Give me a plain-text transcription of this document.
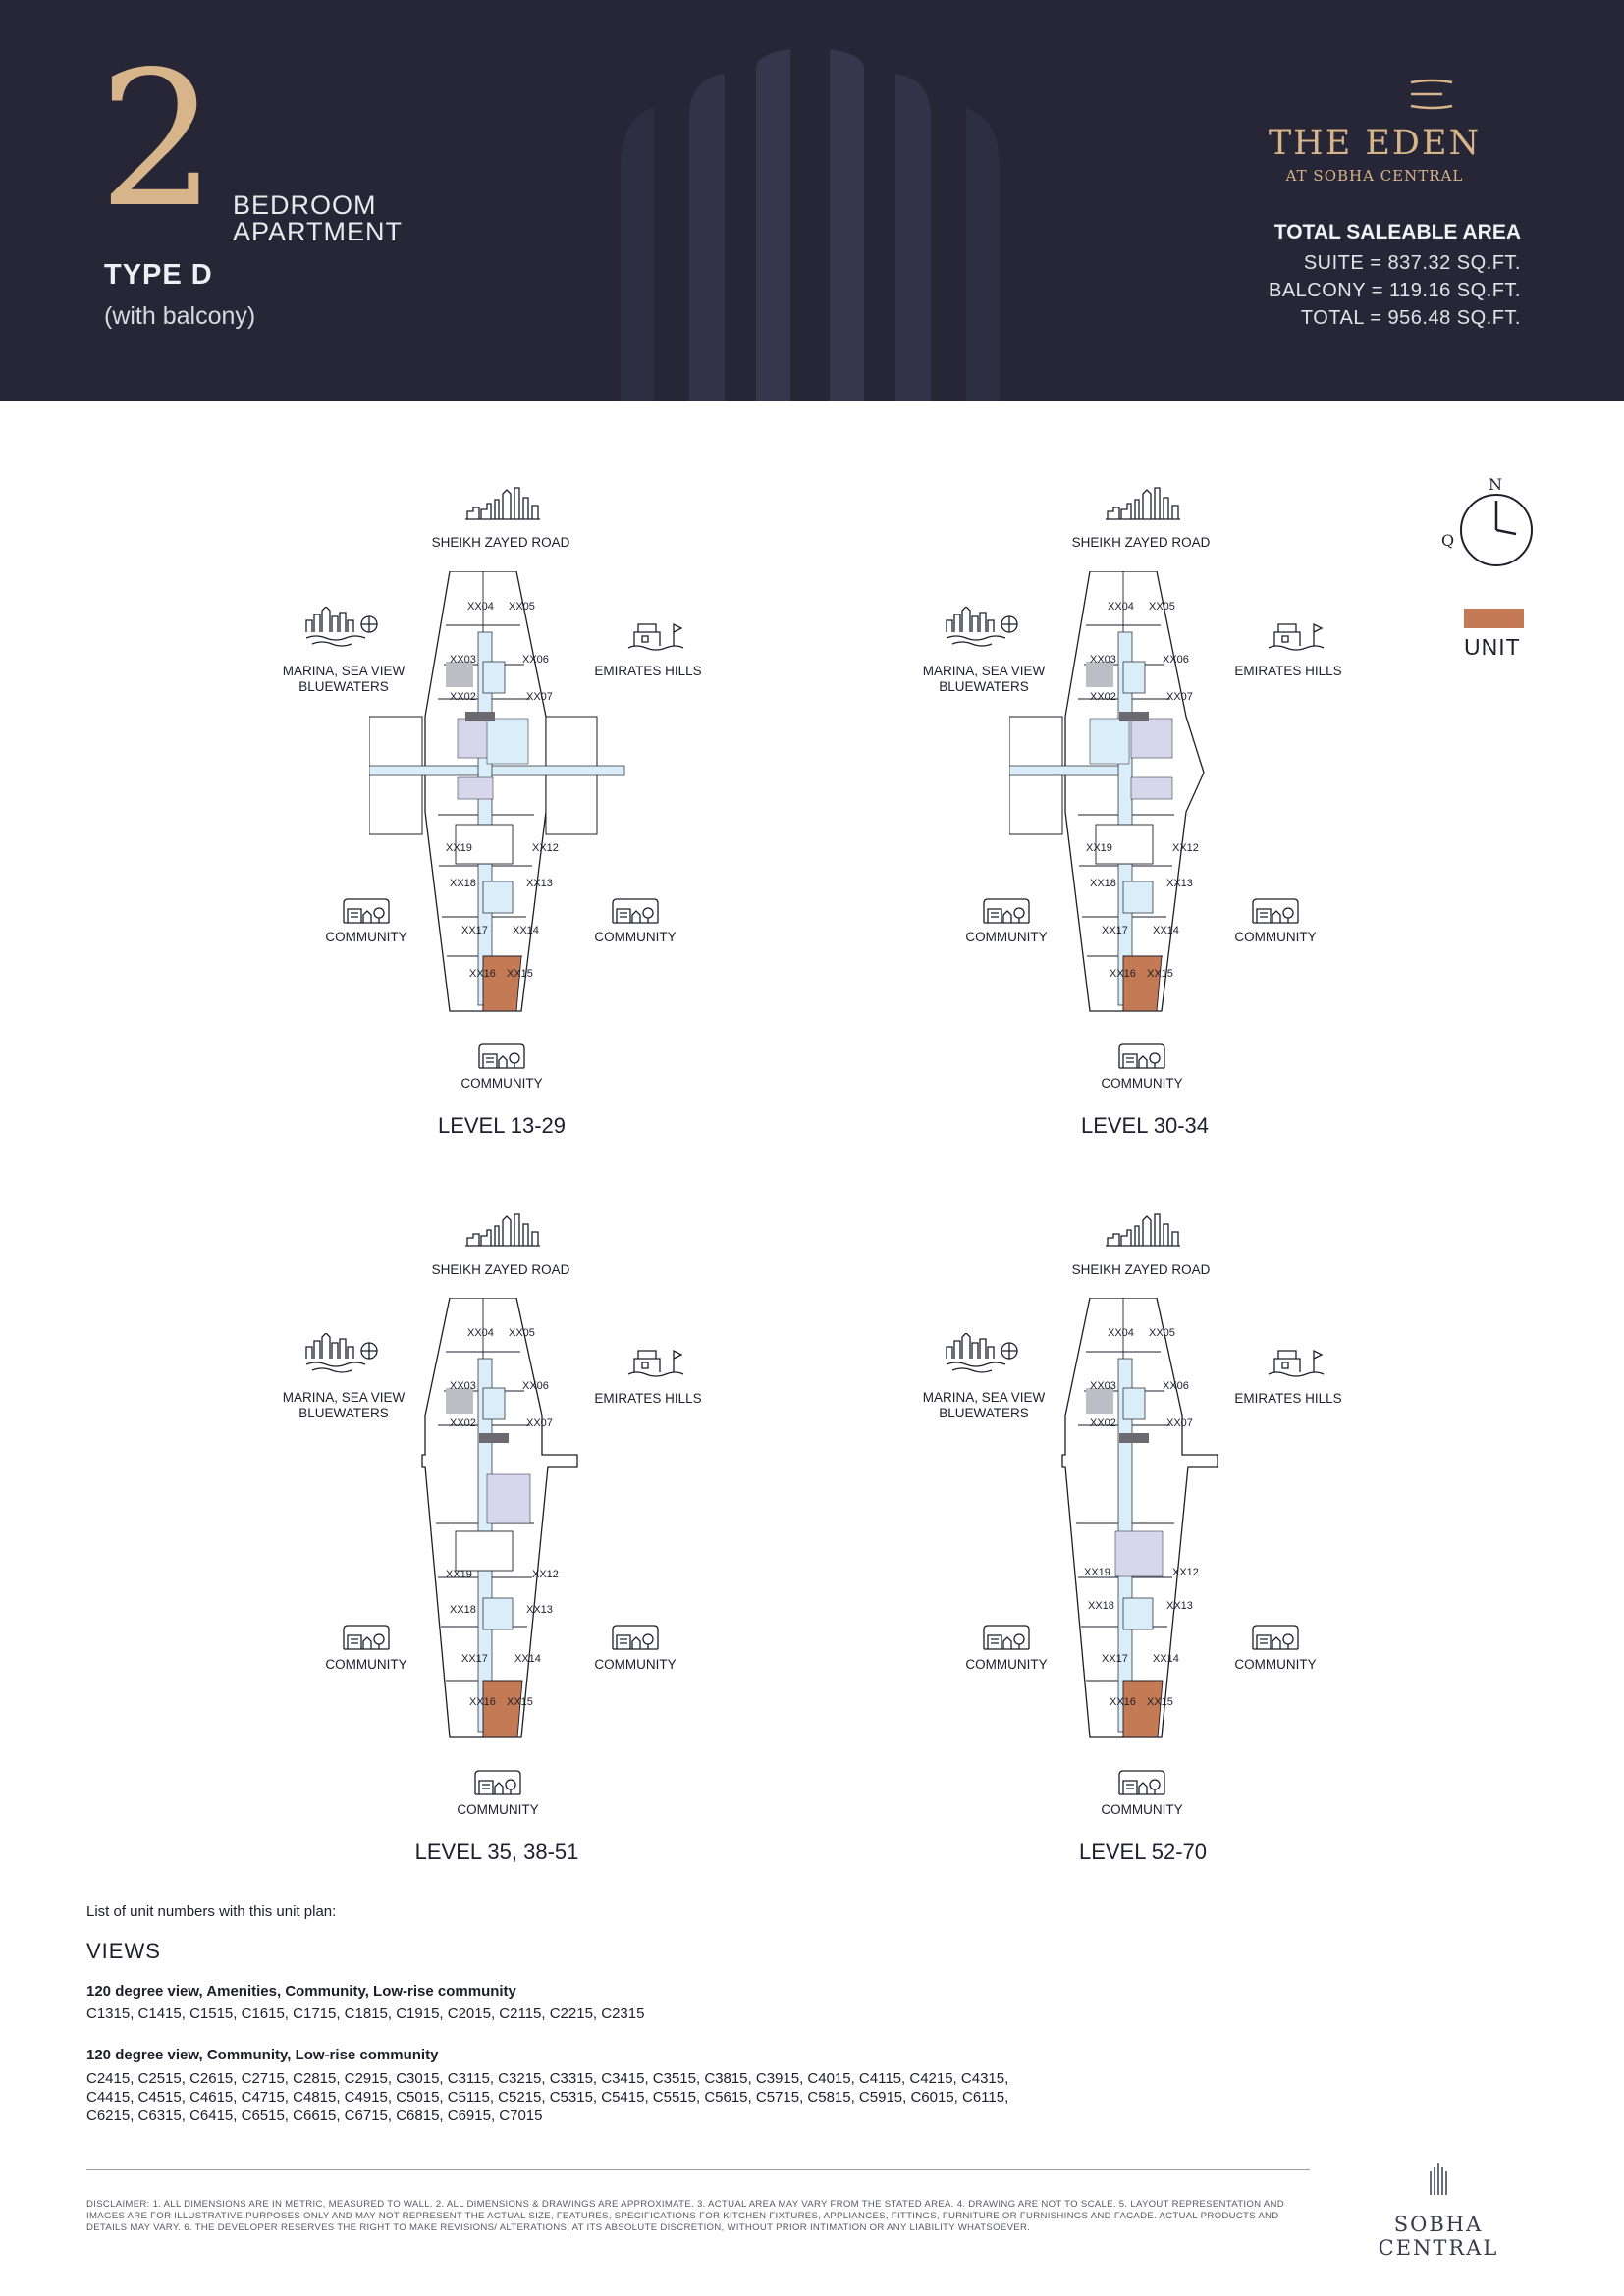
2 BEDROOM
APARTMENT
TYPE D
(with balcony)
THE EDEN
AT SOBHA CENTRAL
TOTAL SALEABLE AREA
SUITE = 837.32 SQ.FT.
BALCONY = 119.16 SQ.FT.
TOTAL = 956.48 SQ.FT.
XX04 XX05
XX03	XX06
XX02	XX07
XX19	XX12
XX18	XX13
XX17 XX14
XX16 XX15
SHEIKH ZAYED ROAD
MARINA, SEA VIEW
BLUEWATERS
EMIRATES HILLS
COMMUNITY	COMMUNITY
COMMUNITY
LEVEL 13-29
XX04 XX05
XX03	XX06
XX02	XX07
XX19	XX12
XX18	XX13
XX17 XX14
XX16 XX15
SHEIKH ZAYED ROAD
MARINA, SEA VIEW
BLUEWATERS
EMIRATES HILLS
COMMUNITY	COMMUNITY
COMMUNITY
LEVEL 30-34
XX04 XX05
XX03	XX06
XX02	XX07
XX19	XX12
XX18	XX13
XX17 XX14
XX16 XX15
SHEIKH ZAYED ROAD
MARINA, SEA VIEW
BLUEWATERS
EMIRATES HILLS
COMMUNITY	COMMUNITY
COMMUNITY
LEVEL 35, 38-51
XX04 XX05
XX03	XX06
XX02	XX07
XX19	XX12
XX18	XX13
XX17 XX14
XX16 XX15
SHEIKH ZAYED ROAD
MARINA, SEA VIEW
BLUEWATERS
EMIRATES HILLS
COMMUNITY	COMMUNITY
COMMUNITY
LEVEL 52-70
N
Q
UNIT
List of unit numbers with this unit plan:
VIEWS
120 degree view, Amenities, Community, Low-rise community
C1315, C1415, C1515, C1615, C1715, C1815, C1915, C2015, C2115, C2215, C2315
120 degree view, Community, Low-rise community
C2415, C2515, C2615, C2715, C2815, C2915, C3015, C3115, C3215, C3315, C3415, C3515, C3815, C3915, C4015, C4115, C4215, C4315,
C4415, C4515, C4615, C4715, C4815, C4915, C5015, C5115, C5215, C5315, C5415, C5515, C5615, C5715, C5815, C5915, C6015, C6115,
C6215, C6315, C6415, C6515, C6615, C6715, C6815, C6915, C7015
DISCLAIMER: 1. ALL DIMENSIONS ARE IN METRIC, MEASURED TO WALL. 2. ALL DIMENSIONS & DRAWINGS ARE APPROXIMATE. 3. ACTUAL AREA MAY VARY FROM THE STATED AREA. 4. DRAWING ARE NOT TO SCALE. 5. LAYOUT REPRESENTATION AND IMAGES ARE FOR ILLUSTRATIVE PURPOSES ONLY AND MAY NOT REPRESENT THE ACTUAL SIZE, FEATURES, SPECIFICATIONS FOR KITCHEN FIXTURES, APPLIANCES, FITTINGS, FURNITURE OR FURNISHINGS AND FACADE. ACTUAL PRODUCTS AND DETAILS MAY VARY. 6. THE DEVELOPER RESERVES THE RIGHT TO MAKE REVISIONS/ ALTERATIONS, AT ITS ABSOLUTE DISCRETION, WITHOUT PRIOR INTIMATION OR ANY LIABILITY WHATSOEVER.	SOBHA CENTRAL
